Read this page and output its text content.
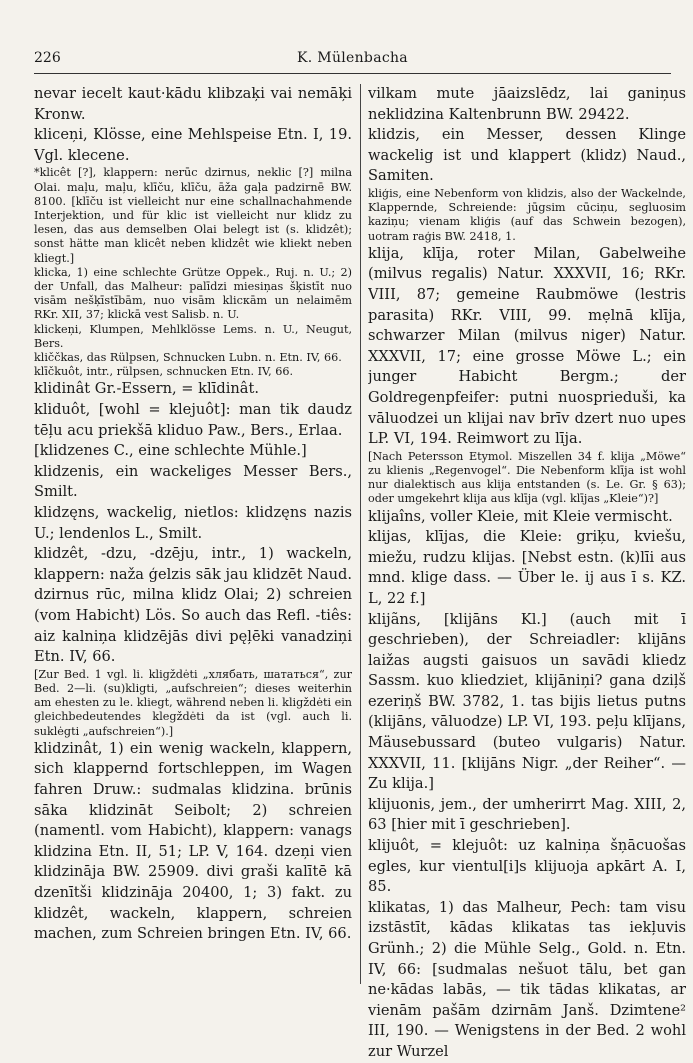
226	K. Mülenbacha

nevar iecelt kaut·kādu klibzaķi vai nemāķi Kronw.

kliceņi, Klösse, eine Mehlspeise Etn. I, 19. Vgl. klecene.

*klicêt [?], klappern: nerūc dzirnus, neklic [?] milna Olai. maļu, maļu, klīču, klīču, āža gaļa padzirnē BW. 8100. [klīču ist vielleicht nur eine schallnachahmende Interjektion, und für klic ist vielleicht nur klidz zu lesen, das aus demselben Olai belegt ist (s. klidzêt); sonst hätte man klicêt neben klidzêt wie kliekt neben kliegt.]

klicka, 1) eine schlechte Grütze Oppek., Ruj. n. U.; 2) der Unfall, das Malheur: palīdzi miesiņas šķistīt nuo visām nešķīstībām, nuo visām klicкām un nelaimēm RKr. XII, 37; klickā vest Salisb. n. U.

klickeņi, Klumpen, Mehlklösse Lems. n. U., Neugut, Bers.

kliččkas, das Rülpsen, Schnucken Lubn. n. Etn. IV, 66.

klīčkuôt, intr., rülpsen, schnucken Etn. IV, 66.

klidinât Gr.-Essern, = klīdinât.

kliduôt, [wohl = klejuôt]: man tik daudz tēļu acu priekšā kliduo Paw., Bers., Erlaa.

[klidzenes C., eine schlechte Mühle.]

klidzenis, ein wackeliges Messer Bers., Smilt.

klidzęns, wackelig, nietlos: klidzęns nazis U.; lendenlos L., Smilt.

klidzêt, -dzu, -dzēju, intr., 1) wackeln, klappern: naža ģelzis sāk jau klidzēt Naud. dzirnus rūc, milna klidz Olai; 2) schreien (vom Habicht) Lös. So auch das Refl. -tiês: aiz kalniņa klidzējās divi pęļēki vanadziņi Etn. IV, 66.

[Zur Bed. 1 vgl. li. kligždėti „хлябать, шататься“, zur Bed. 2—li. (su)kligti, „aufschreien“; dieses weiterhin am ehesten zu le. kliegt, während neben li. kligždėti ein gleichbedeutendes klegždėti da ist (vgl. auch li. suklėgti „aufschreien“).]

klidzinât, 1) ein wenig wackeln, klappern, sich klappernd fortschleppen, im Wagen fahren Druw.: sudmalas klidzina. brūnis sāka klidzināt Seibolt; 2) schreien (namentl. vom Habicht), klappern: vanags klidzina Etn. II, 51; LP. V, 164. dzeņi vien klidzināja BW. 25909. divi graši kalītē kā dzenītši klidzināja 20400, 1; 3) fakt. zu klidzêt, wackeln, klappern, schreien machen, zum Schreien bringen Etn. IV, 66.

vilkam mute jāaizslēdz, lai ganiņus neklidzina Kaltenbrunn BW. 29422.

klidzis, ein Messer, dessen Klinge wackelig ist und klappert (klidz) Naud., Samiten.

kliģis, eine Nebenform von klidzis, also der Wackelnde, Klappernde, Schreiende: jūgsim cūciņu, segluosim kaziņu; vienam kliģis (auf das Schwein bezogen), uotram raģis BW. 2418, 1.

klija, klīja, roter Milan, Gabelweihe (milvus regalis) Natur. XXXVII, 16; RKr. VIII, 87; gemeine Raubmöwe (lestris parasita) RKr. VIII, 99. mẹlnā klīja, schwarzer Milan (milvus niger) Natur. XXXVII, 17; eine grosse Möwe L.; ein junger Habicht Bergm.; der Goldregenpfeifer: putni nuosprieduši, ka vāluodzei un klijai nav brīv dzert nuo upes LP. VI, 194. Reimwort zu līja.

[Nach Petersson Etymol. Miszellen 34 f. klija „Möwe“ zu klienis „Regenvogel“. Die Nebenform klīja ist wohl nur dialektisch aus klija entstanden (s. Le. Gr. § 63); oder umgekehrt klija aus klīja (vgl. klījas „Kleie“)?]

klijaîns, voller Kleie, mit Kleie vermischt.

klijas, klījas, die Kleie: griķu, kviešu, miežu, rudzu klijas. [Nebst estn. (k)līi aus mnd. klige dass. — Über le. ij aus ī s. KZ. L, 22 f.]

klijãns, [klijāns Kl.] (auch mit ī geschrieben), der Schreiadler: klijāns laižas augsti gaisuos un savādi kliedz Sassm. kuo kliedziet, klijāniņi? gana dziļš ezeriņš BW. 3782, 1. tas bijis lietus putns (klijāns, vāluodze) LP. VI, 193. peļu klījans, Mäusebussard (buteo vulgaris) Natur. XXXVII, 11. [klijāns Nigr. „der Reiher“. — Zu klija.]

klijuonis, jem., der umherirrt Mag. XIII, 2, 63 [hier mit ī geschrieben].

klijuôt, = klejuôt: uz kalniņa šņācuošas egles, kur vientul[i]s klijuoja apkārt A. I, 85.

klikatas, 1) das Malheur, Pech: tam visu izstāstīt, kādas klikatas tas iekļuvis Grünh.; 2) die Mühle Selg., Gold. n. Etn. IV, 66: [sudmalas nešuot tālu, bet gan ne·kādas labās, — tik tādas klikatas, ar vienām pašām dzirnām Janš. Dzimtene² III, 190. — Wenigstens in der Bed. 2 wohl zur Wurzel
